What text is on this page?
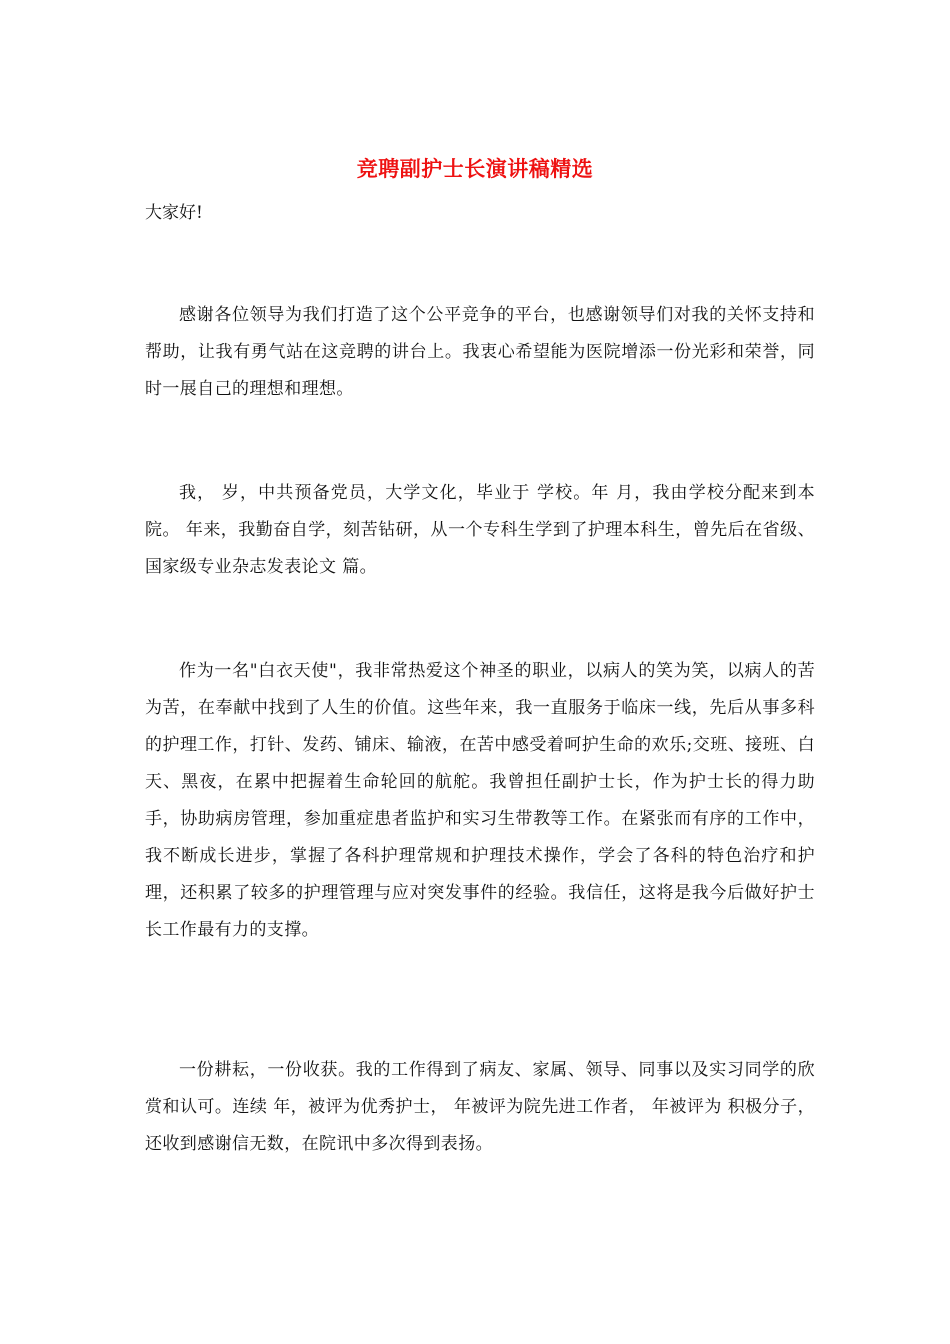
竞聘副护士长演讲稿精选
大家好!

感谢各位领导为我们打造了这个公平竞争的平台，也感谢领导们对我的关怀支持和帮助，让我有勇气站在这竞聘的讲台上。我衷心希望能为医院增添一份光彩和荣誉，同时一展自己的理想和理想。

我， 岁，中共预备党员，大学文化，毕业于 学校。年 月，我由学校分配来到本院。 年来，我勤奋自学，刻苦钻研，从一个专科生学到了护理本科生，曾先后在省级、国家级专业杂志发表论文 篇。

作为一名"白衣天使"，我非常热爱这个神圣的职业，以病人的笑为笑，以病人的苦为苦，在奉献中找到了人生的价值。这些年来，我一直服务于临床一线，先后从事多科的护理工作，打针、发药、铺床、输液，在苦中感受着呵护生命的欢乐;交班、接班、白天、黑夜，在累中把握着生命轮回的航舵。我曾担任副护士长，作为护士长的得力助手，协助病房管理，参加重症患者监护和实习生带教等工作。在紧张而有序的工作中，我不断成长进步，掌握了各科护理常规和护理技术操作，学会了各科的特色治疗和护理，还积累了较多的护理管理与应对突发事件的经验。我信任，这将是我今后做好护士长工作最有力的支撑。

一份耕耘，一份收获。我的工作得到了病友、家属、领导、同事以及实习同学的欣赏和认可。连续 年，被评为优秀护士， 年被评为院先进工作者， 年被评为 积极分子，还收到感谢信无数，在院讯中多次得到表扬。
